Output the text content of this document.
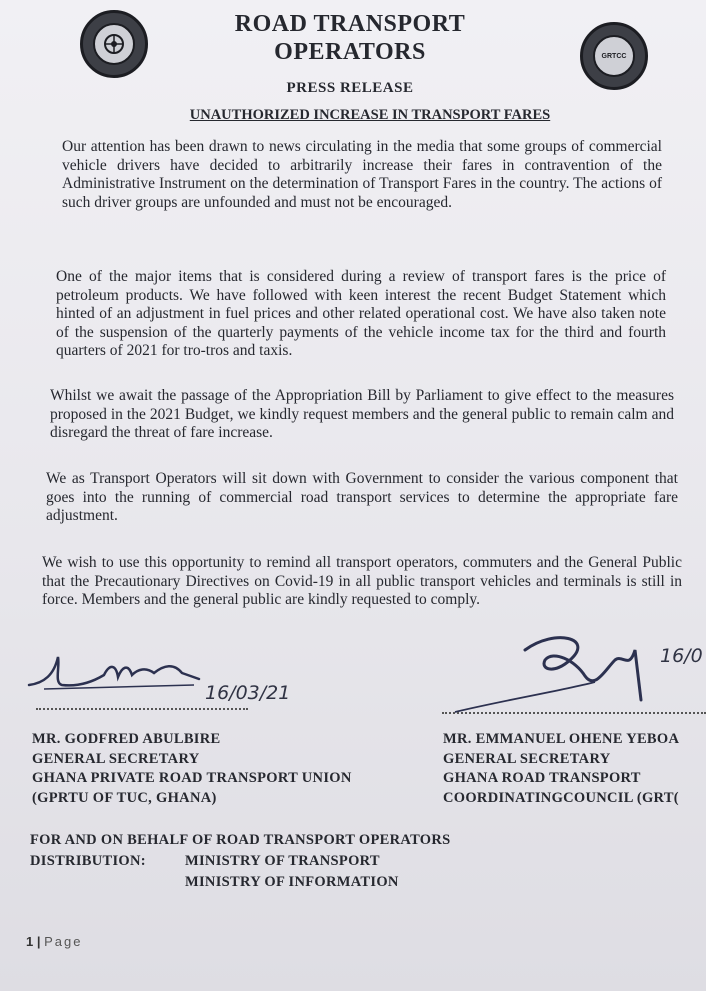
GRTCC
ROAD TRANSPORT
OPERATORS
PRESS RELEASE
UNAUTHORIZED INCREASE IN TRANSPORT FARES

Our attention has been drawn to news circulating in the media that some groups of commercial vehicle drivers have decided to arbitrarily increase their fares in contravention of the Administrative Instrument on the determination of Transport Fares in the country. The actions of such driver groups are unfounded and must not be encouraged.

One of the major items that is considered during a review of transport fares is the price of petroleum products. We have followed with keen interest the recent Budget Statement which hinted of an adjustment in fuel prices and other related operational cost. We have also taken note of the suspension of the quarterly payments of the vehicle income tax for the third and fourth quarters of 2021 for tro-tros and taxis.

Whilst we await the passage of the Appropriation Bill by Parliament to give effect to the measures proposed in the 2021 Budget, we kindly request members and the general public to remain calm and disregard the threat of fare increase.

We as Transport Operators will sit down with Government to consider the various component that goes into the running of commercial road transport services to determine the appropriate fare adjustment.

We wish to use this opportunity to remind all transport operators, commuters and the General Public that the Precautionary Directives on Covid-19 in all public transport vehicles and terminals is still in force. Members and the general public are kindly requested to comply.

16/03/21
16/0
MR. GODFRED ABULBIRE
GENERAL SECRETARY
GHANA PRIVATE ROAD TRANSPORT UNION
(GPRTU OF TUC, GHANA)
MR. EMMANUEL OHENE YEBOA
GENERAL SECRETARY
GHANA ROAD TRANSPORT
COORDINATINGCOUNCIL (GRT(
FOR AND ON BEHALF OF ROAD TRANSPORT OPERATORS
DISTRIBUTION:	MINISTRY OF TRANSPORT
MINISTRY OF INFORMATION
1 | Page
